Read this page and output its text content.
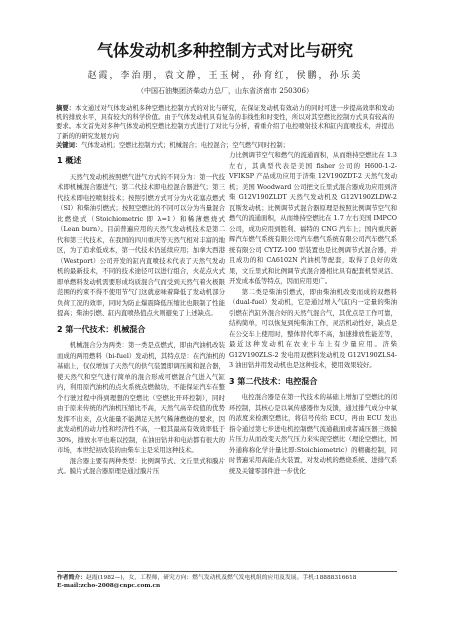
气体发动机多种控制方式对比与研究
赵霞，李治朋，袁文静，王玉树，孙育红，侯鹏，孙乐美
（中国石油集团济柴动力总厂，山东省济南市 250306）
摘要：本文通过对气体发动机多种空燃比控制方式的对比与研究，在保证发动机有效动力的同时可进一步提高效率和发动机的排放水平，具有较大的科学价值。由于气体发动机具有复杂的非线性和时变性，所以对其空燃比控制方式具有较高的要求。本文首先对多种气体发动机空燃比控制方式进行了对比与分析，着重介绍了电控喷射技术和缸内直喷技术，并提出了新的的研究发展方向
关键词：气体发动机；空燃比控制方式；机械混合；电控混合；空气燃气同时控制；
1 概述

天然气发动机按照燃气进气方式的不同分为：第一代技术即机械混合器进气；第二代技术即电控混合器进气；第三代技术即电控喷射技术；按照引燃方式可分为火花塞点燃式（SI）和柴油引燃式；按照空燃比的不同可以分为当量混合比燃烧式（Stoichiometric 即 λ=1）和稀薄燃烧式（Lean burn）。目前普遍应用的天然气发动机技术是第二代和第三代技术，在我国的四川重庆等天然气相对丰富的地区，为了追求低成本，第一代技术仍延续应用；加拿大西港（Westport）公司开发的缸内直喷技术代表了天然气发动机的最新技术，不同的技术途径可以进行组合，火花点火式即单燃料发动机需要形成均质混合气而受到天然气着火极限范围的约束不得不使用节气门这就意味着降低了发动机部分负荷工况的效率，同时为防止爆震降低压缩比也限制了性能提高；柴油引燃、缸内直喷热值点火则避免了上述缺点。

2 第一代技术：机械混合

机械混合分为两类：第一类是点燃式，即由汽油机改装而成的两用燃料（bi-fuel）发动机，其特点是：在汽油机的基础上，仅仅增加了天然气的供气装置即调压阀和混合器，使天然气和空气进行简单的混合形成可燃混合气进入气缸内，利用原汽油机的点火系统点燃做功，不能保证汽车在整个行驶过程中得到理想的空燃比（空燃比开环控制），同时由于原来传统的汽油机压缩比不高，天然气高辛烷值的优势发挥不出来，点火能量不能满足天然气稀薄燃烧的要求，因此发动机的动力性和经济性不高，一般其最高有效效率低于30%，排放水平也难以控制，在油田钻井和电站都有很大的市场，本世纪初改装的由柴车主是采用这种技术。

混合器主要有两种类型：比例调节式、文丘里式和膜片式。膜片式混合器原理是通过膜片压

力比例调节空气和燃气的流通面积，从而维持空燃比在 1.3 左右，其典型代表是美国 fisher 公司的 H600-1-2-VFIKSP 产品成功应用于济柴 12V190ZDT-2 天然气发动机；美国 Woodward 公司把文丘里式混合器成功应用到济柴 G12V190ZLDT 天然气发动机及 G12V190ZLDW-2 瓦斯发动机；比例调节式混合器原理是按照比例调节空气和燃气的流通面积，从而维持空燃比在 1.7 左右美国 IMPCO 公司，成功应用到胜利、福特的 CNG 汽车上；国内重庆新辉汽车燃气系统有限公司汽车燃气系统有限公司汽车燃气系统有限公司 CYTZ-100 型装置也是比例调节式混合器，并且成功的和 CA6102N 汽油机等配套，取得了良好的效果，文丘里式和比例调节式混合器相比具有配套机型灵活、开发成本低等特点，因而应用更广。

第二类是柴油引燃式，即由柴油机改变而成的双燃料（dual-fuel）发动机，它是通过增入气缸内一定量的柴油引燃在汽缸外混合好的天然气混合气，其优点是工作可靠，结构简单，可以恢复到纯柴油工作，灵活机动性好，缺点是在公交车上使用时，整体替代率不高，加速排放性能差等，最近这种发动机在农业卡车上有少量应用。济柴 G12V190ZLS-2 发电用双燃料发动机及 G12V190ZLS4-3 油田钻井用发动机也是这种技术，使用效果较好。

3 第二代技术：电控混合

电控混合器是在第一代技术的基础上增加了空燃比的闭环控制，其核心是以氧传感器作为反馈，通过排气成分中氧的浓度来检测空燃比，将信号传给 ECU，再由 ECU 发出指令通过第七步进电机控制燃气流通截面或者减压器三级膜片压力从而改变天然气压力来实现空燃比（理论空燃比，国外通称称化学计量比即:Stoichiometric）的精确控制，同时普遍采用高能点火装置，对发动机的燃烧系统、进排气系统及关键零部件进一步优化

作者简介：赵霞(1982—)，女，工程师，研究方向：燃气发动机及燃气发电机组的应用及发展。手机:18888316618
E-mail:zcho-2008@cnpc.com.cn
